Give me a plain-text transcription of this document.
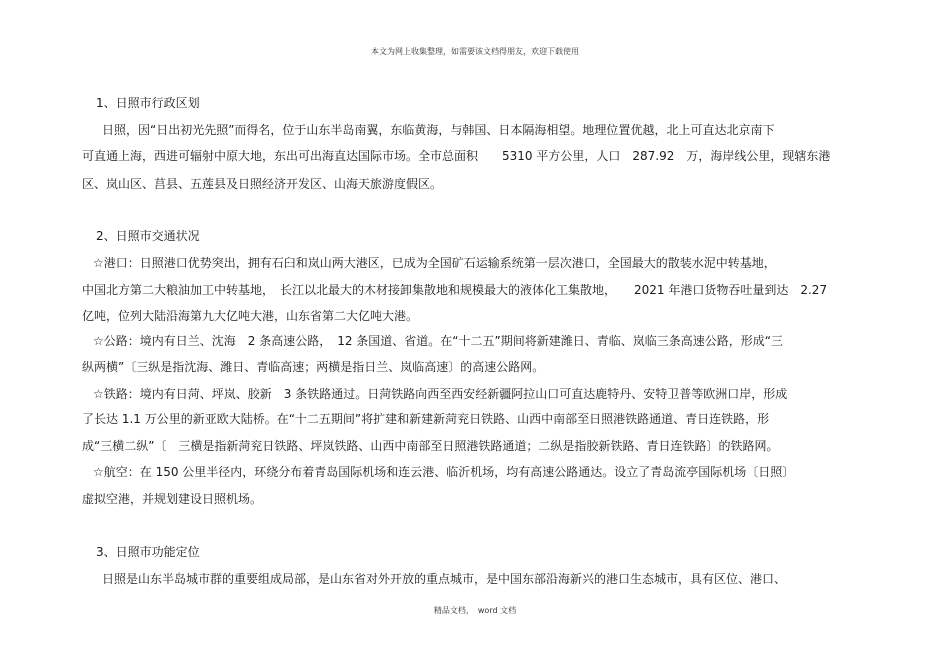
本文为网上收集整理，如需要该文档得朋友，欢迎下载使用

1、日照市行政区划

日照，因“日出初光先照”而得名，位于山东半岛南翼，东临黄海，与韩国、日本隔海相望。地理位置优越，北上可直达北京南下

可直通上海，西进可辐射中原大地，东出可出海直达国际市场。全市总面积　　5310 平方公里，人口　287.92　万，海岸线公里，现辖东港

区、岚山区、莒县、五莲县及日照经济开发区、山海天旅游度假区。

2、日照市交通状况

☆港口：日照港口优势突出，拥有石臼和岚山两大港区，已成为全国矿石运输系统第一层次港口，全国最大的散装水泥中转基地，

中国北方第二大粮油加工中转基地，　长江以北最大的木材接卸集散地和规模最大的液体化工集散地，　　2021 年港口货物吞吐量到达　2.27

亿吨，位列大陆沿海第九大亿吨大港，山东省第二大亿吨大港。

☆公路：境内有日兰、沈海　2 条高速公路，　12 条国道、省道。在“十二五”期间将新建潍日、青临、岚临三条高速公路，形成“三

纵两横”〔三纵是指沈海、潍日、青临高速；两横是指日兰、岚临高速〕的高速公路网。

☆铁路：境内有日菏、坪岚、胶新　3 条铁路通过。日菏铁路向西至西安经新疆阿拉山口可直达鹿特丹、安特卫普等欧洲口岸，形成

了长达 1.1 万公里的新亚欧大陆桥。在“十二五期间”将扩建和新建新菏兖日铁路、山西中南部至日照港铁路通道、青日连铁路，形

成“三横二纵”〔　三横是指新菏兖日铁路、坪岚铁路、山西中南部至日照港铁路通道；二纵是指胶新铁路、青日连铁路〕的铁路网。

☆航空：在 150 公里半径内，环绕分布着青岛国际机场和连云港、临沂机场，均有高速公路通达。设立了青岛流亭国际机场〔日照〕

虚拟空港，并规划建设日照机场。

3、日照市功能定位

日照是山东半岛城市群的重要组成局部，是山东省对外开放的重点城市，是中国东部沿海新兴的港口生态城市，具有区位、港口、

精品文档，　word 文档
